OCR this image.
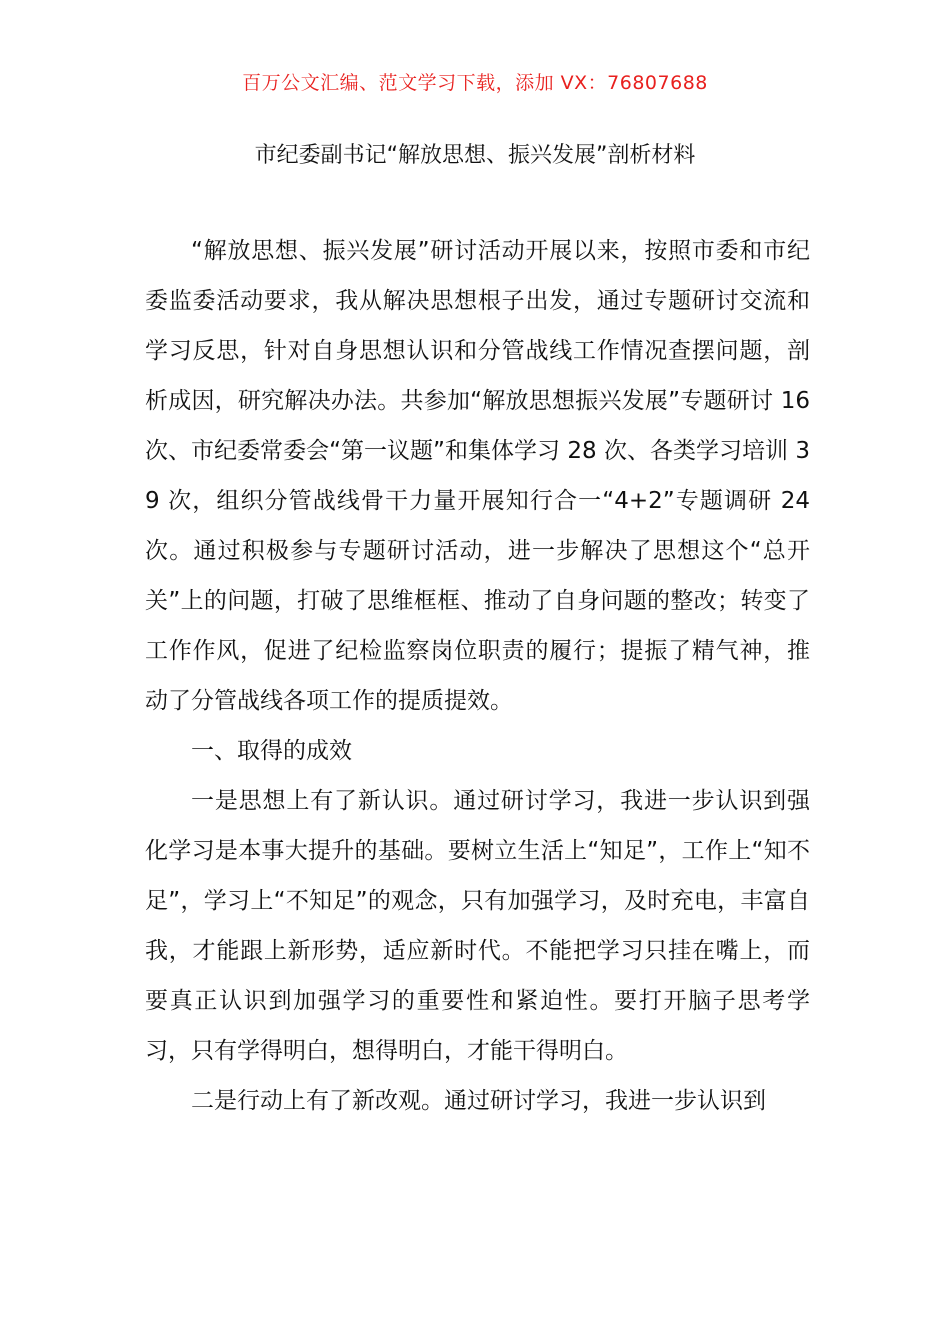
百万公文汇编、范文学习下载，添加 VX：76807688
市纪委副书记“解放思想、振兴发展”剖析材料

“解放思想、振兴发展”研讨活动开展以来，按照市委和市纪委监委活动要求，我从解决思想根子出发，通过专题研讨交流和学习反思，针对自身思想认识和分管战线工作情况查摆问题，剖析成因，研究解决办法。共参加“解放思想振兴发展”专题研讨 16 次、市纪委常委会“第一议题”和集体学习 28 次、各类学习培训 39 次，组织分管战线骨干力量开展知行合一“4+2”专题调研 24 次。通过积极参与专题研讨活动，进一步解决了思想这个“总开关”上的问题，打破了思维框框、推动了自身问题的整改；转变了工作作风，促进了纪检监察岗位职责的履行；提振了精气神，推动了分管战线各项工作的提质提效。

一、取得的成效

一是思想上有了新认识。通过研讨学习，我进一步认识到强化学习是本事大提升的基础。要树立生活上“知足”，工作上“知不足”，学习上“不知足”的观念，只有加强学习，及时充电，丰富自我，才能跟上新形势，适应新时代。不能把学习只挂在嘴上，而要真正认识到加强学习的重要性和紧迫性。要打开脑子思考学习，只有学得明白，想得明白，才能干得明白。

二是行动上有了新改观。通过研讨学习，我进一步认识到
